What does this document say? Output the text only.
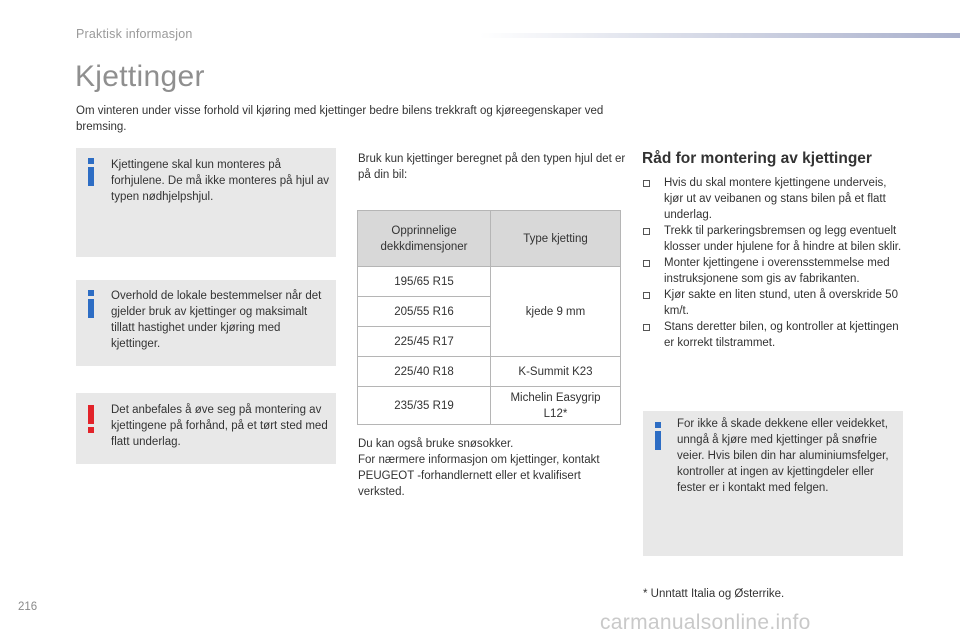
Praktisk informasjon
Kjettinger
Om vinteren under visse forhold vil kjøring med kjettinger bedre bilens trekkraft og kjøreegenskaper ved bremsing.
Kjettingene skal kun monteres på forhjulene. De må ikke monteres på hjul av typen nødhjelpshjul.
Overhold de lokale bestemmelser når det gjelder bruk av kjettinger og maksimalt tillatt hastighet under kjøring med kjettinger.
Det anbefales å øve seg på montering av kjettingene på forhånd, på et tørt sted med flatt underlag.
Bruk kun kjettinger beregnet på den typen hjul det er på din bil:
Opprinnelige dekkdimensjoner	Type kjetting
195/65 R15	kjede 9 mm
205/55 R16	
225/45 R17	
225/40 R18	K-Summit K23
235/35 R19	Michelin Easygrip L12*
Du kan også bruke snøsokker.
For nærmere informasjon om kjettinger, kontakt PEUGEOT -forhandlernett eller et kvalifisert verksted.
Råd for montering av kjettinger
Hvis du skal montere kjettingene underveis, kjør ut av veibanen og stans bilen på et flatt underlag.
Trekk til parkeringsbremsen og legg eventuelt klosser under hjulene for å hindre at bilen sklir.
Monter kjettingene i overensstemmelse med instruksjonene som gis av fabrikanten.
Kjør sakte en liten stund, uten å overskride 50 km/t.
Stans deretter bilen, og kontroller at kjettingen er korrekt tilstrammet.
For ikke å skade dekkene eller veidekket, unngå å kjøre med kjettinger på snøfrie veier. Hvis bilen din har aluminiumsfelger, kontroller at ingen av kjettingdeler eller fester er i kontakt med felgen.
* Unntatt Italia og Østerrike.
216
carmanualsonline.info
